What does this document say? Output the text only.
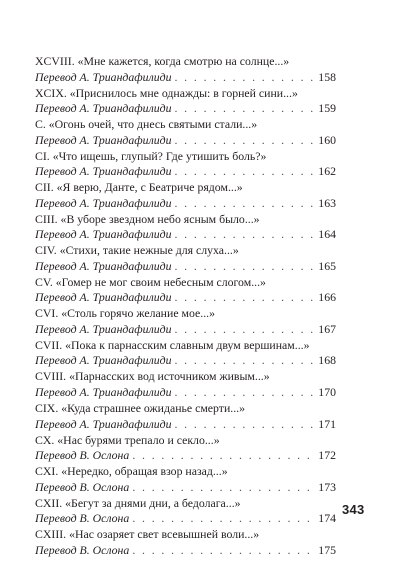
XCVIII. «Мне кажется, когда смотрю на солнце...»
Перевод А. Триандафилиди . . .	158
XCIX. «Приснилось мне однажды: в горней сини...»
Перевод А. Триандафилиди . . .	159
С. «Огонь очей, что днесь святыми стали...»
Перевод А. Триандафилиди . . .	160
CI. «Что ищешь, глупый? Где утишить боль?»
Перевод А. Триандафилиди . . .	162
CII. «Я верю, Данте, с Беатриче рядом...»
Перевод А. Триандафилиди . . .	163
CIII. «В уборе звездном небо ясным было...»
Перевод А. Триандафилиди . . .	164
CIV. «Стихи, такие нежные для слуха...»
Перевод А. Триандафилиди . . .	165
CV. «Гомер не мог своим небесным слогом...»
Перевод А. Триандафилиди . . .	166
CVI. «Столь горячо желание мое...»
Перевод А. Триандафилиди . . .	167
CVII. «Пока к парнасским славным двум вершинам...»
Перевод А. Триандафилиди . . .	168
CVIII. «Парнасских вод источником живым...»
Перевод А. Триандафилиди . . .	170
CIX. «Куда страшнее ожиданье смерти...»
Перевод А. Триандафилиди . . .	171
CX. «Нас бурями трепало и секло...»
Перевод В. Ослона . . .	172
CXI. «Нередко, обращая взор назад...»
Перевод В. Ослона . . .	173
CXII. «Бегут за днями дни, а бедолага...»
Перевод В. Ослона . . .	174
CXIII. «Нас озаряет свет всевышней воли...»
Перевод В. Ослона . . .	175
343
